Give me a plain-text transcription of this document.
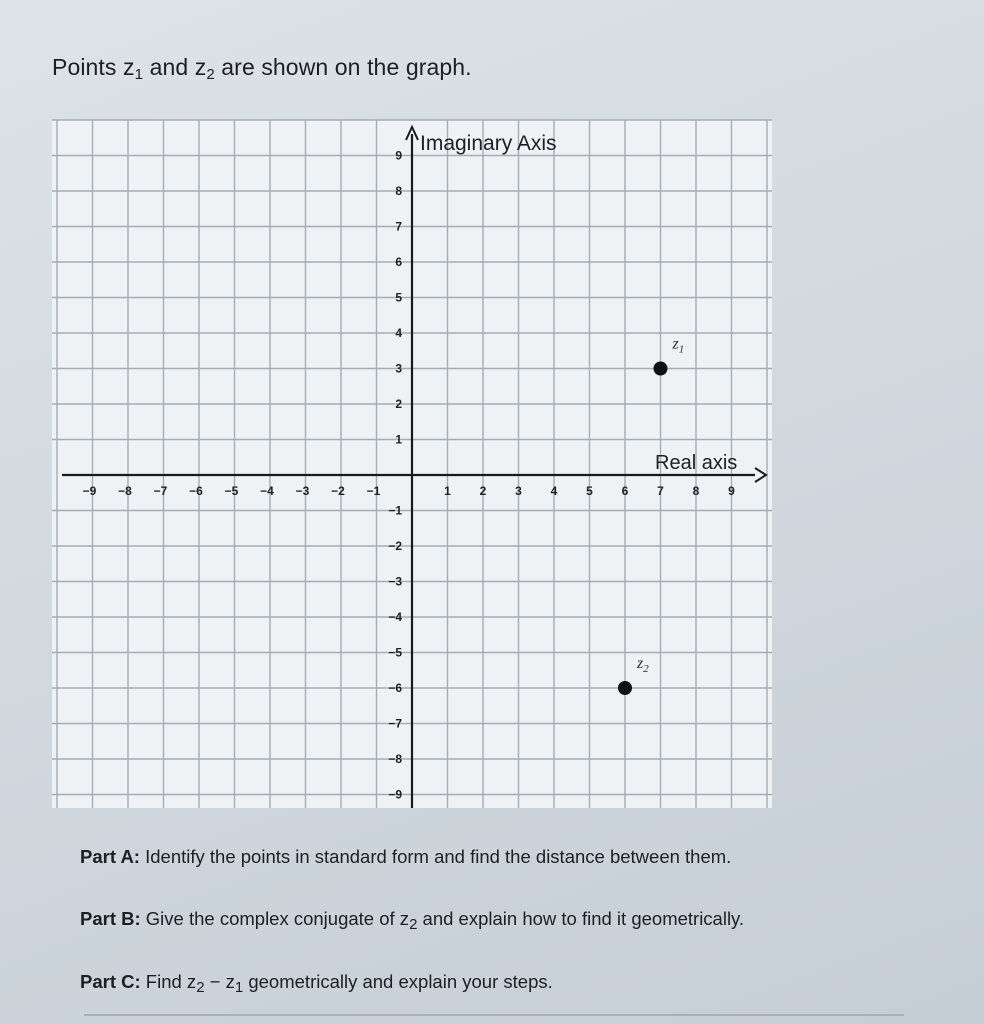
Points $z_1$ and $z_2$ are shown on the graph.
Imaginary Axis
Real axis
−9 −8 −7 −6 −5 −4 −3 −2 −1	1 2 3 4 5 6 7 8 9
9
8
7
6
5
4
3
2
1
−1
−2
−3
−4
−5
−6
−7
−8
−9
$z_1$
$z_2$
Part A: Identify the points in standard form and find the distance between them.
Part B: Give the complex conjugate of $z_2$ and explain how to find it geometrically.
Part C: Find $z_2 - z_1$ geometrically and explain your steps.
